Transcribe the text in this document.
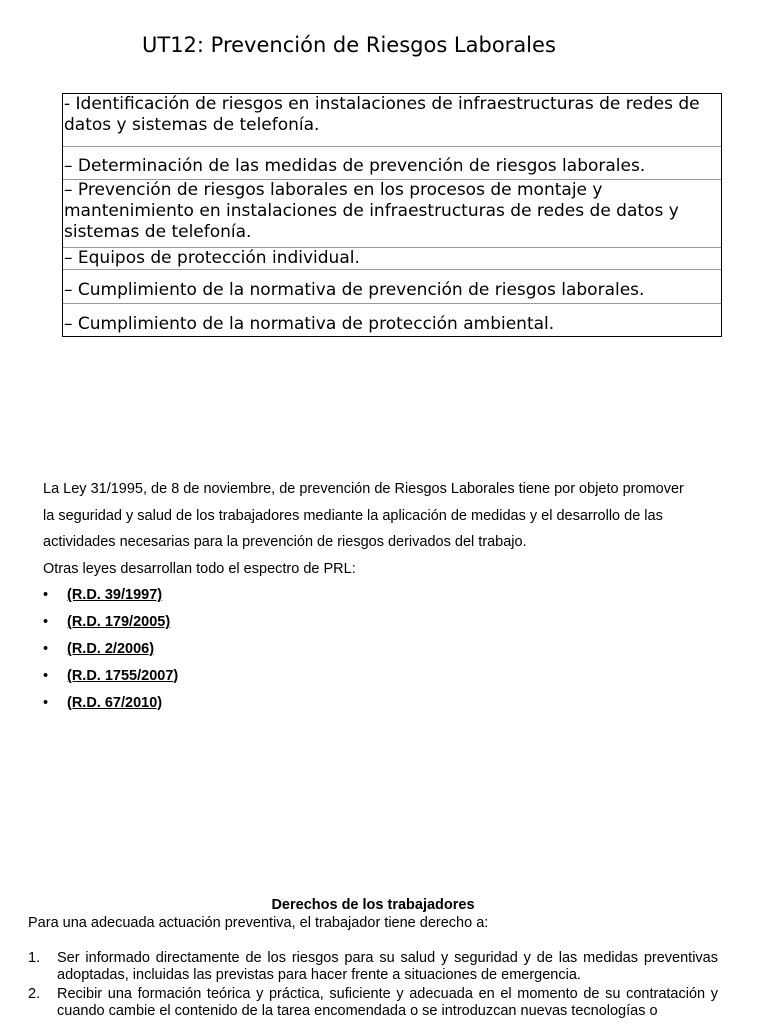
UT12: Prevención de Riesgos Laborales
- Identificación de riesgos en instalaciones de infraestructuras de redes de datos y sistemas de telefonía.
– Determinación de las medidas de prevención de riesgos laborales.
– Prevención de riesgos laborales en los procesos de montaje y mantenimiento en instalaciones de infraestructuras de redes de datos y sistemas de telefonía.
– Equipos de protección individual.
– Cumplimiento de la normativa de prevención de riesgos laborales.
– Cumplimiento de la normativa de protección ambiental.

La Ley 31/1995, de 8 de noviembre, de prevención de Riesgos Laborales tiene por objeto promover

la seguridad y salud de los trabajadores mediante la aplicación de medidas y el desarrollo de las

actividades necesarias para la prevención de riesgos derivados del trabajo.

Otras leyes desarrollan todo el espectro de PRL:

• (R.D. 39/1997)
• (R.D. 179/2005)
• (R.D. 2/2006)
• (R.D. 1755/2007)
• (R.D. 67/2010)
Derechos de los trabajadores
Para una adecuada actuación preventiva, el trabajador tiene derecho a:
1. Ser informado directamente de los riesgos para su salud y seguridad y de las medidas preventivas adoptadas, incluidas las previstas para hacer frente a situaciones de emergencia.
2. Recibir una formación teórica y práctica, suficiente y adecuada en el momento de su contratación y cuando cambie el contenido de la tarea encomendada o se introduzcan nuevas tecnologías o
